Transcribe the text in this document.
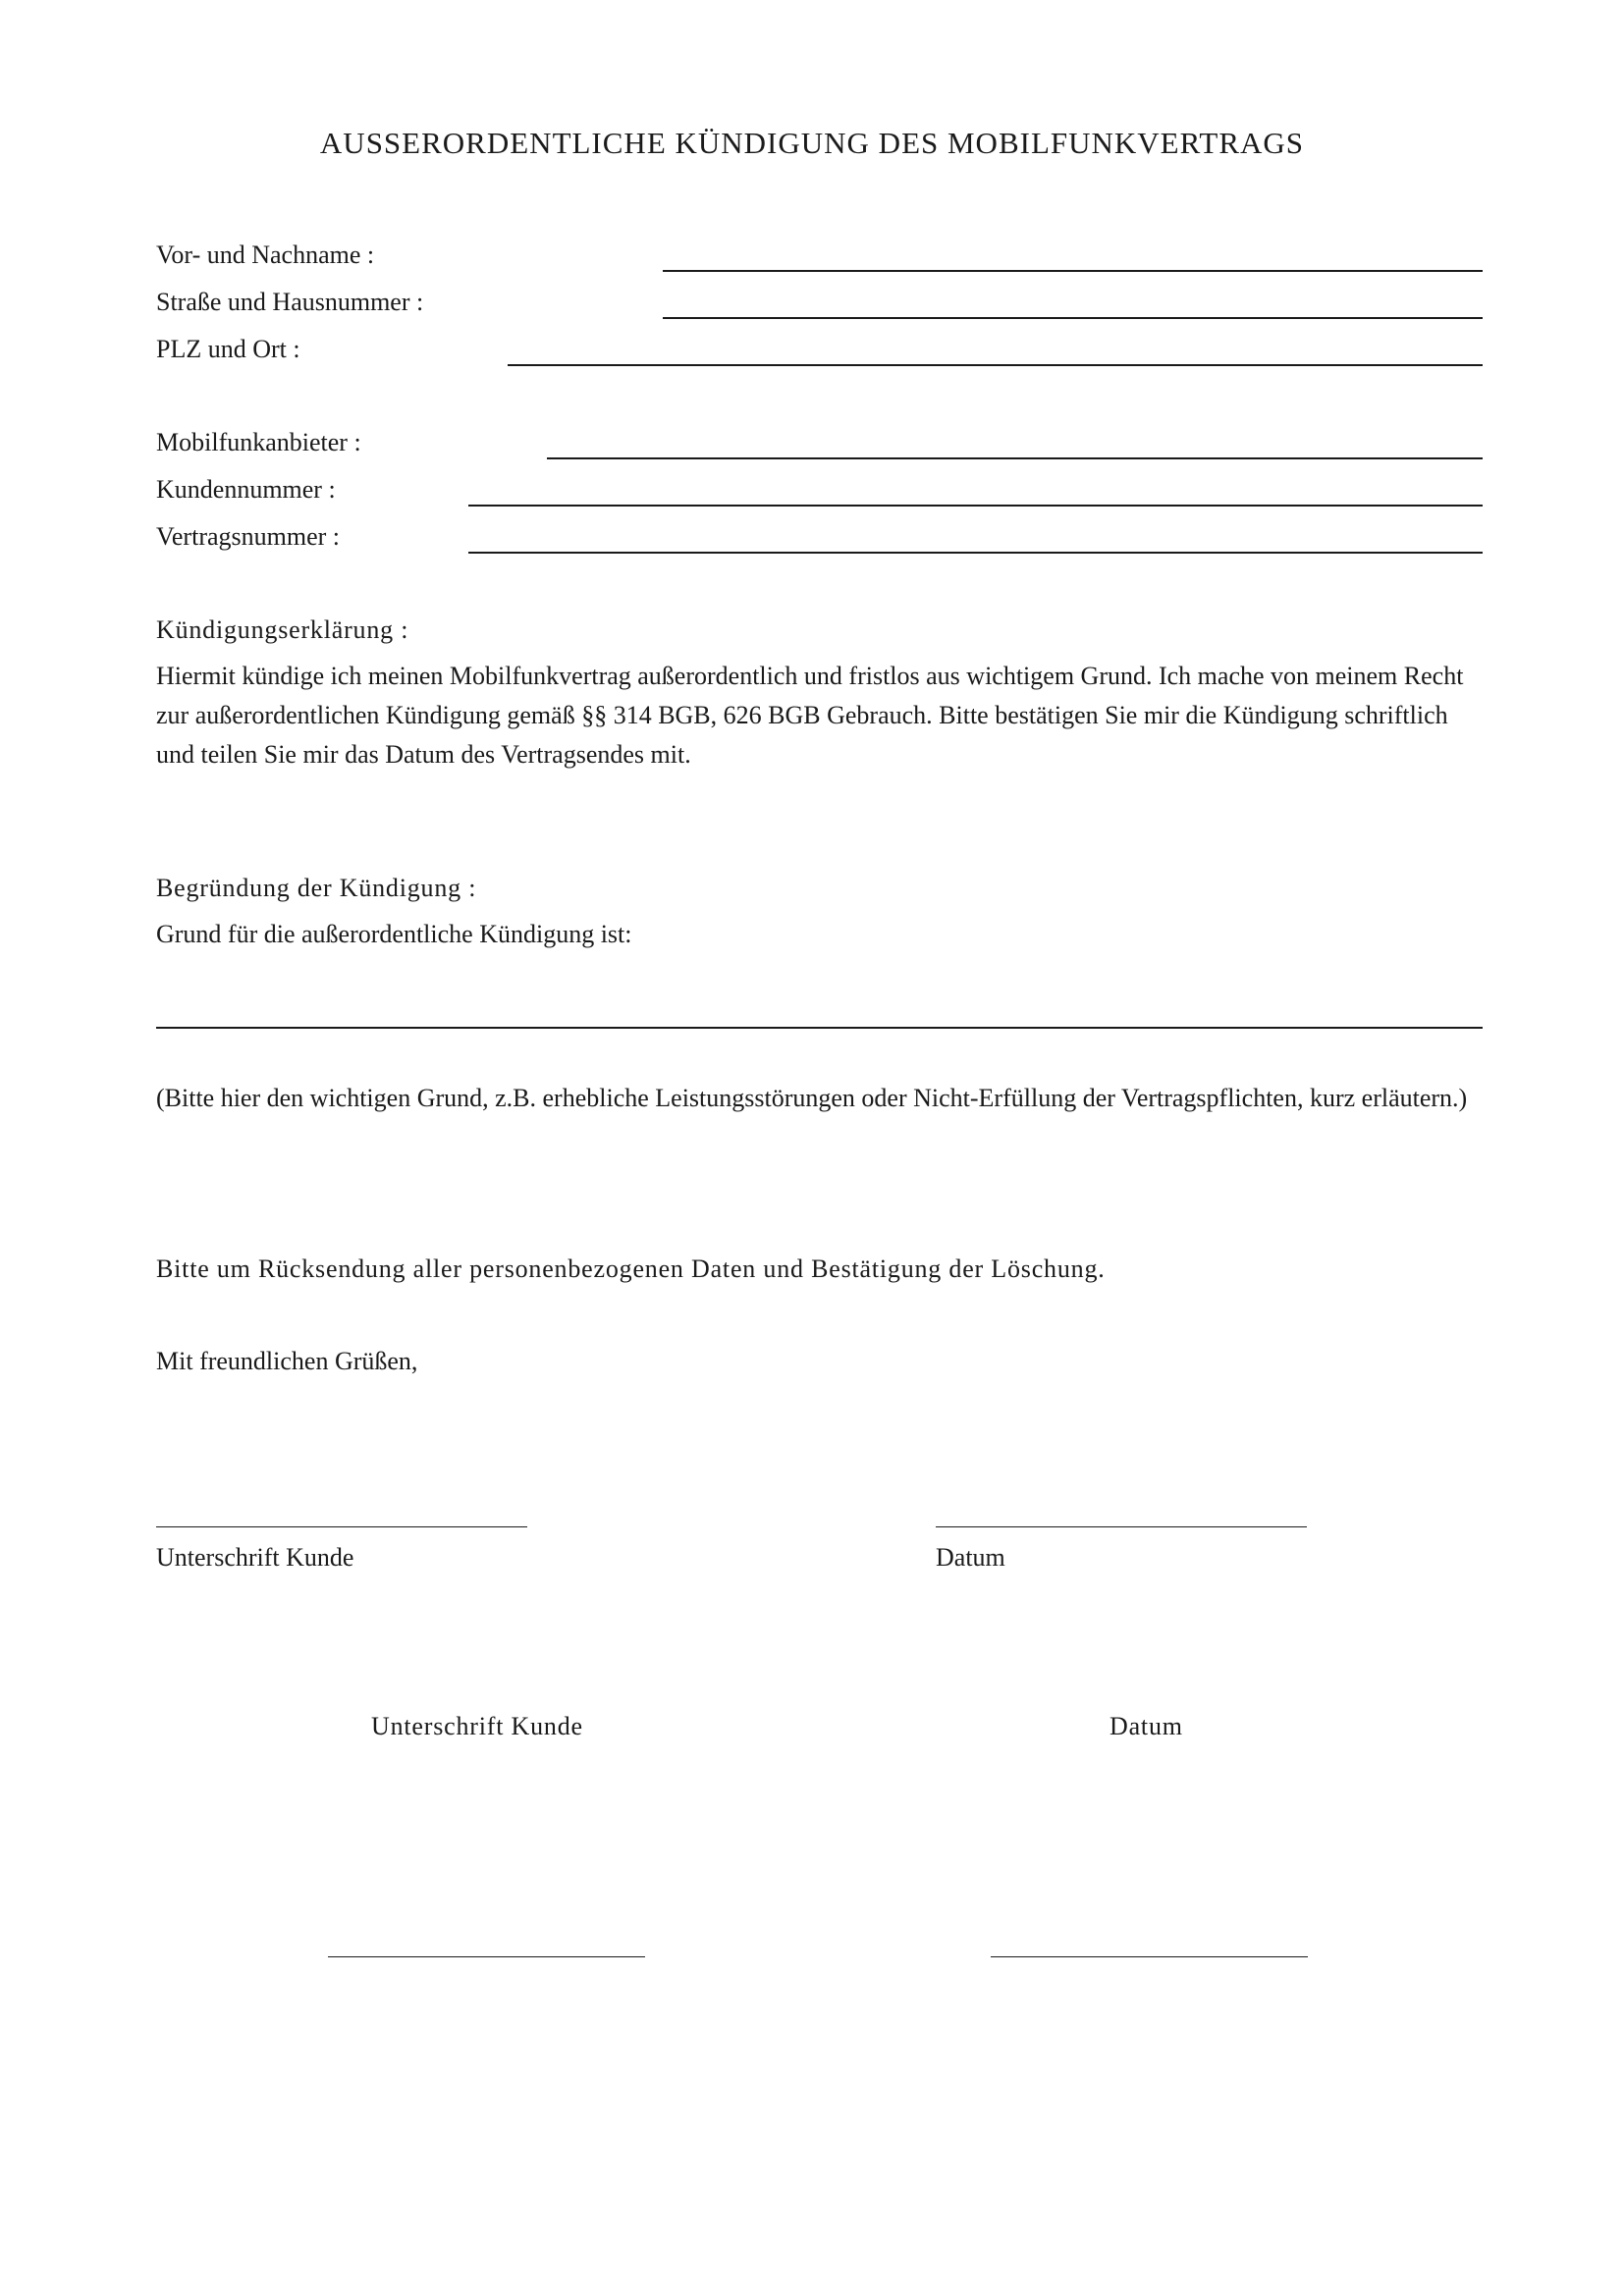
AUSSERORDENTLICHE KÜNDIGUNG DES MOBILFUNKVERTRAGS
Vor- und Nachname :
Straße und Hausnummer :
PLZ und Ort :
Mobilfunkanbieter :
Kundennummer :
Vertragsnummer :
Kündigungserklärung :
Hiermit kündige ich meinen Mobilfunkvertrag außerordentlich und fristlos aus wichtigem Grund. Ich mache von meinem Recht zur außerordentlichen Kündigung gemäß §§ 314 BGB, 626 BGB Gebrauch. Bitte bestätigen Sie mir die Kündigung schriftlich und teilen Sie mir das Datum des Vertragsendes mit.
Begründung der Kündigung :
Grund für die außerordentliche Kündigung ist:
(Bitte hier den wichtigen Grund, z.B. erhebliche Leistungsstörungen oder Nicht-Erfüllung der Vertragspflichten, kurz erläutern.)
Bitte um Rücksendung aller personenbezogenen Daten und Bestätigung der Löschung.
Mit freundlichen Grüßen,
Unterschrift Kunde	Datum
Unterschrift Kunde	Datum
